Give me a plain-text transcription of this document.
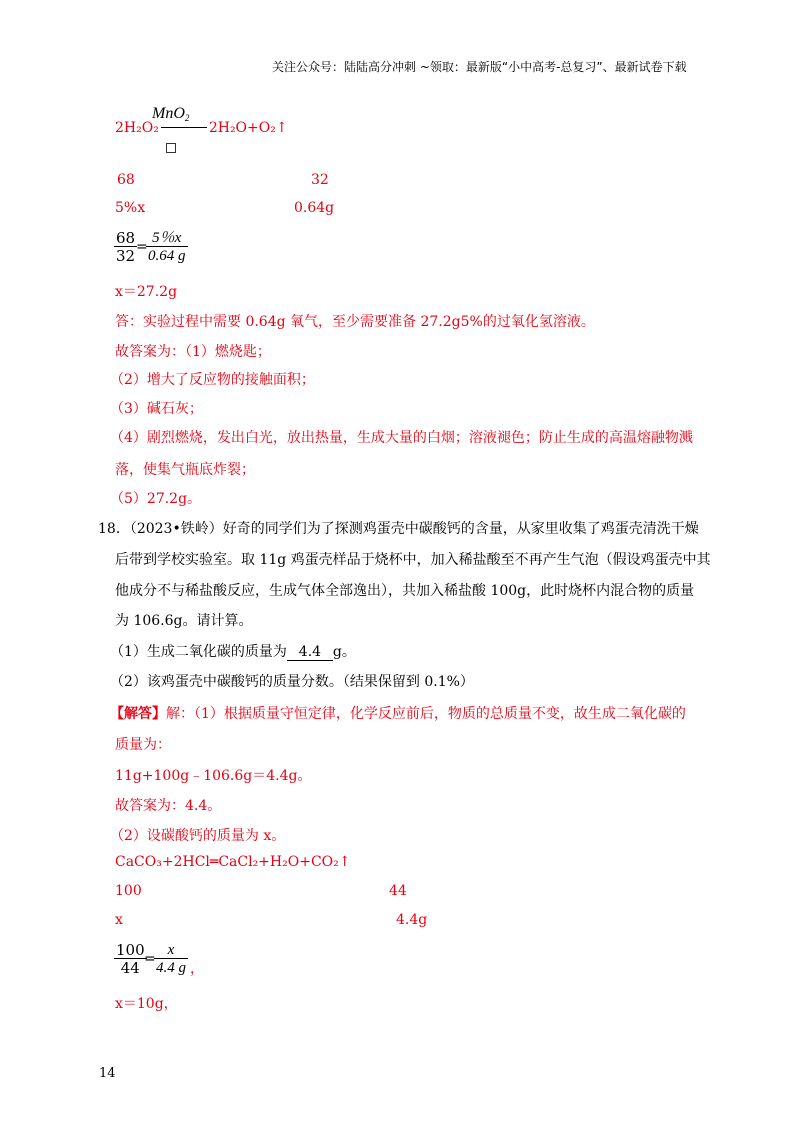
关注公众号：陆陆高分冲刺 ~领取：最新版“小中高考-总复习”、最新试卷下载
MnO$_2$
2H₂O₂	2H₂O+O₂↑
68	32
5%x	0.64g
$\frac{68}{32}$
=
$\frac{5\%x}{0.64 g}$
x＝27.2g
答：实验过程中需要 0.64g 氧气，至少需要准备 27.2g5%的过氧化氢溶液。
故答案为：（1）燃烧匙；
（2）增大了反应物的接触面积；
（3）碱石灰；
（4）剧烈燃烧，发出白光，放出热量，生成大量的白烟；溶液褪色；防止生成的高温熔融物溅
落，使集气瓶底炸裂；
（5）27.2g。
18．（2023•铁岭）好奇的同学们为了探测鸡蛋壳中碳酸钙的含量，从家里收集了鸡蛋壳清洗干燥
后带到学校实验室。取 11g 鸡蛋壳样品于烧杯中，加入稀盐酸至不再产生气泡（假设鸡蛋壳中其
他成分不与稀盐酸反应，生成气体全部逸出），共加入稀盐酸 100g，此时烧杯内混合物的质量
为 106.6g。请计算。
（1）生成二氧化碳的质量为 4.4 g。
（2）该鸡蛋壳中碳酸钙的质量分数。（结果保留到 0.1%）
【解答】解：（1）根据质量守恒定律，化学反应前后，物质的总质量不变，故生成二氧化碳的
质量为：
11g+100g﹣106.6g＝4.4g。
故答案为：4.4。
（2）设碳酸钙的质量为 x。
CaCO₃+2HCl═CaCl₂+H₂O+CO₂↑
100	44
x	4.4g
$\frac{100}{44}$
=
$\frac{x}{4.4 g}$ ，
x＝10g，
14
